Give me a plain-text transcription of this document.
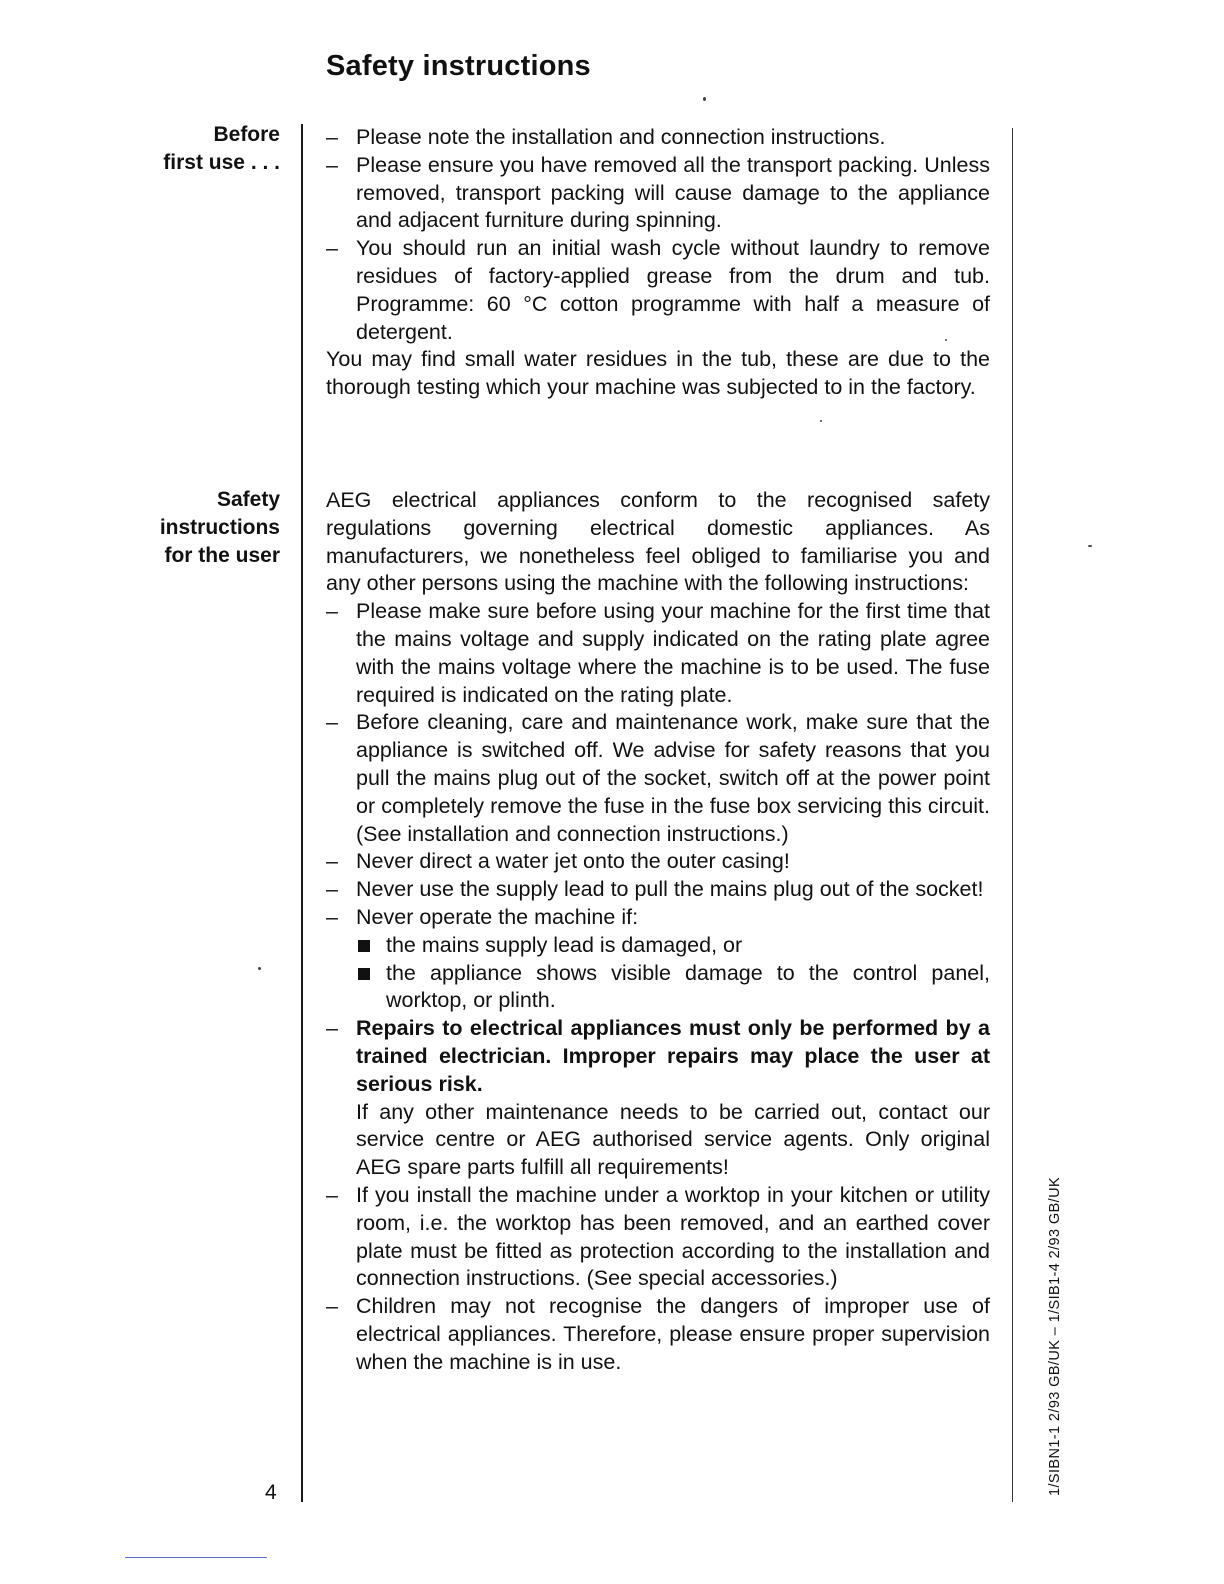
Safety instructions
Before
first use . . .
– Please note the installation and connection instructions.
– Please ensure you have removed all the transport packing. Unless removed, transport packing will cause damage to the appliance and adjacent furniture during spinning.
– You should run an initial wash cycle without laundry to remove residues of factory-applied grease from the drum and tub. Programme: 60 °C cotton programme with half a measure of detergent.

You may find small water residues in the tub, these are due to the thorough testing which your machine was subjected to in the factory.

Safety
instructions
for the user

AEG electrical appliances conform to the recognised safety regulations governing electrical domestic appliances. As manufacturers, we nonetheless feel obliged to familiarise you and any other persons using the machine with the following instructions:

– Please make sure before using your machine for the first time that the mains voltage and supply indicated on the rating plate agree with the mains voltage where the machine is to be used. The fuse required is indicated on the rating plate.
– Before cleaning, care and maintenance work, make sure that the appliance is switched off. We advise for safety reasons that you pull the mains plug out of the socket, switch off at the power point or completely remove the fuse in the fuse box servicing this circuit. (See installation and connection instructions.)
– Never direct a water jet onto the outer casing!
– Never use the supply lead to pull the mains plug out of the socket!
– Never operate the machine if:
the mains supply lead is damaged, or
the appliance shows visible damage to the control panel, worktop, or plinth.
– Repairs to electrical appliances must only be performed by a trained electrician. Improper repairs may place the user at serious risk.
If any other maintenance needs to be carried out, contact our service centre or AEG authorised service agents. Only original AEG spare parts fulfill all requirements!
– If you install the machine under a worktop in your kitchen or utility room, i.e. the worktop has been removed, and an earthed cover plate must be fitted as protection according to the installation and connection instructions. (See special accessories.)
– Children may not recognise the dangers of improper use of electrical appliances. Therefore, please ensure proper supervision when the machine is in use.
4	1/SIBN1-1 2/93 GB/UK – 1/SIB1-4 2/93 GB/UK
